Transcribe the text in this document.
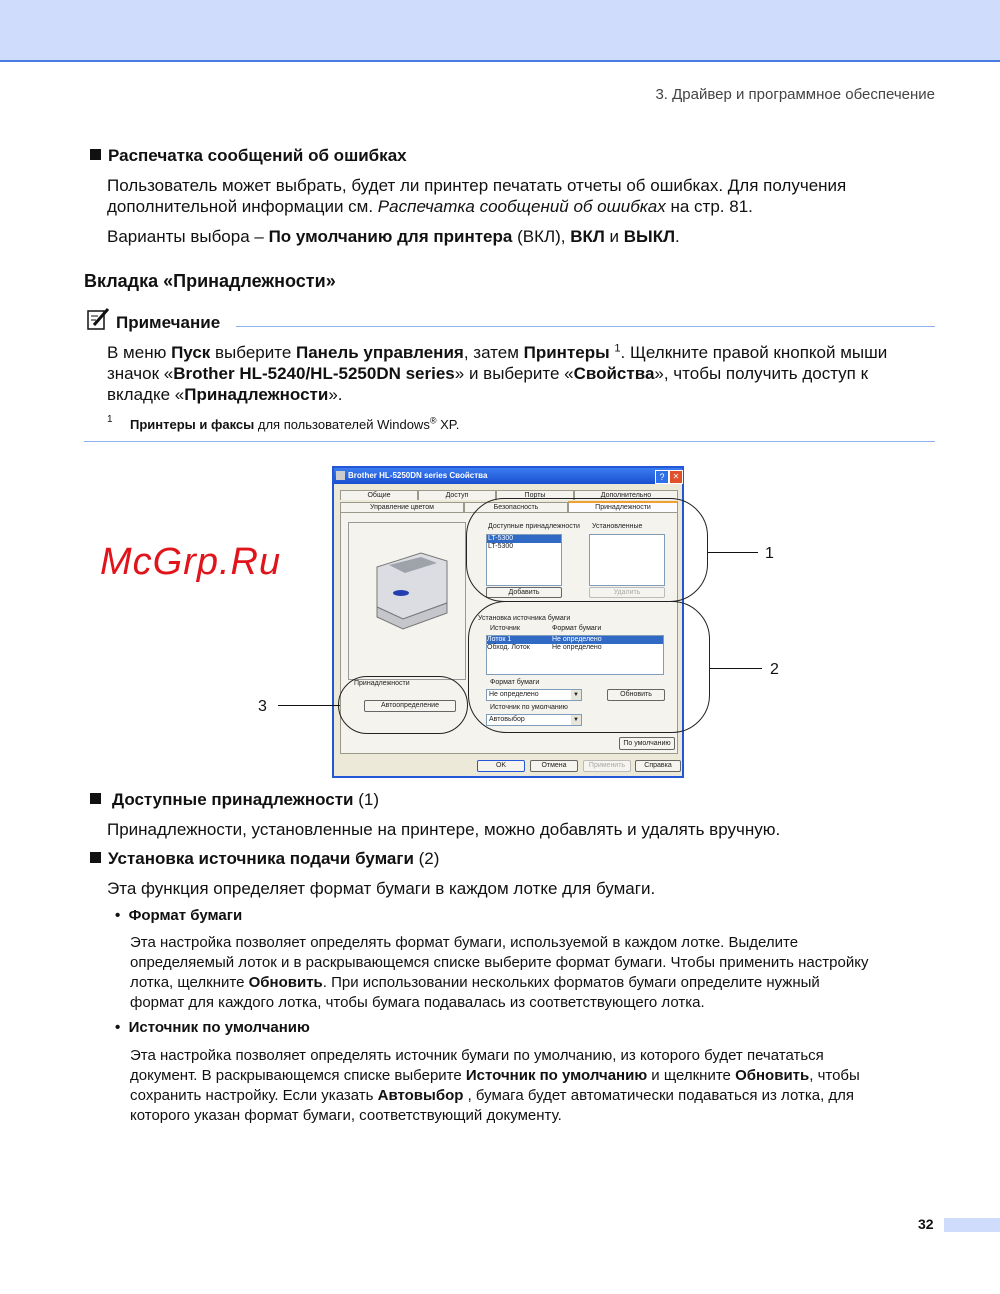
3. Драйвер и программное обеспечение
Распечатка сообщений об ошибках
Пользователь может выбрать, будет ли принтер печатать отчеты об ошибках. Для получения
дополнительной информации см. Распечатка сообщений об ошибках на стр. 81.
Варианты выбора – По умолчанию для принтера (ВКЛ), ВКЛ и ВЫКЛ.
Вкладка «Принадлежности»
Примечание
В меню Пуск выберите Панель управления, затем Принтеры $^1$. Щелкните правой кнопкой мыши
значок «Brother HL-5240/HL-5250DN series» и выберите «Свойства», чтобы получить доступ к
вкладке «Принадлежности».
1 Принтеры и факсы для пользователей Windows® XP.
Brother HL-5250DN series Свойства	?	✕
Общие	Доступ	Порты	Дополнительно
Управление цветом	Безопасность	Принадлежности
Доступные принадлежности Установленные
LT-5300
LT-5300
Добавить	Удалить
Установка источника бумаги
Источник	Формат бумаги
Лоток 1	Не определено
Обход. Лоток	Не определено
Формат бумаги
Не определено	▼	Обновить
Источник по умолчанию
Автовыбор	▼
Принадлежности
Автоопределение
По умолчанию
OK	Отмена	Применить	Справка
1
2
3
McGrp.Ru
Доступные принадлежности (1)
Принадлежности, установленные на принтере, можно добавлять и удалять вручную.
Установка источника подачи бумаги (2)
Эта функция определяет формат бумаги в каждом лотке для бумаги.
•  Формат бумаги
Эта настройка позволяет определять формат бумаги, используемой в каждом лотке. Выделите
определяемый лоток и в раскрывающемся списке выберите формат бумаги. Чтобы применить настройку
лотка, щелкните Обновить. При использовании нескольких форматов бумаги определите нужный
формат для каждого лотка, чтобы бумага подавалась из соответствующего лотка.
•  Источник по умолчанию
Эта настройка позволяет определять источник бумаги по умолчанию, из которого будет печататься
документ. В раскрывающемся списке выберите Источник по умолчанию и щелкните Обновить, чтобы
сохранить настройку. Если указать Автовыбор , бумага будет автоматически подаваться из лотка, для
которого указан формат бумаги, соответствующий документу.
32
